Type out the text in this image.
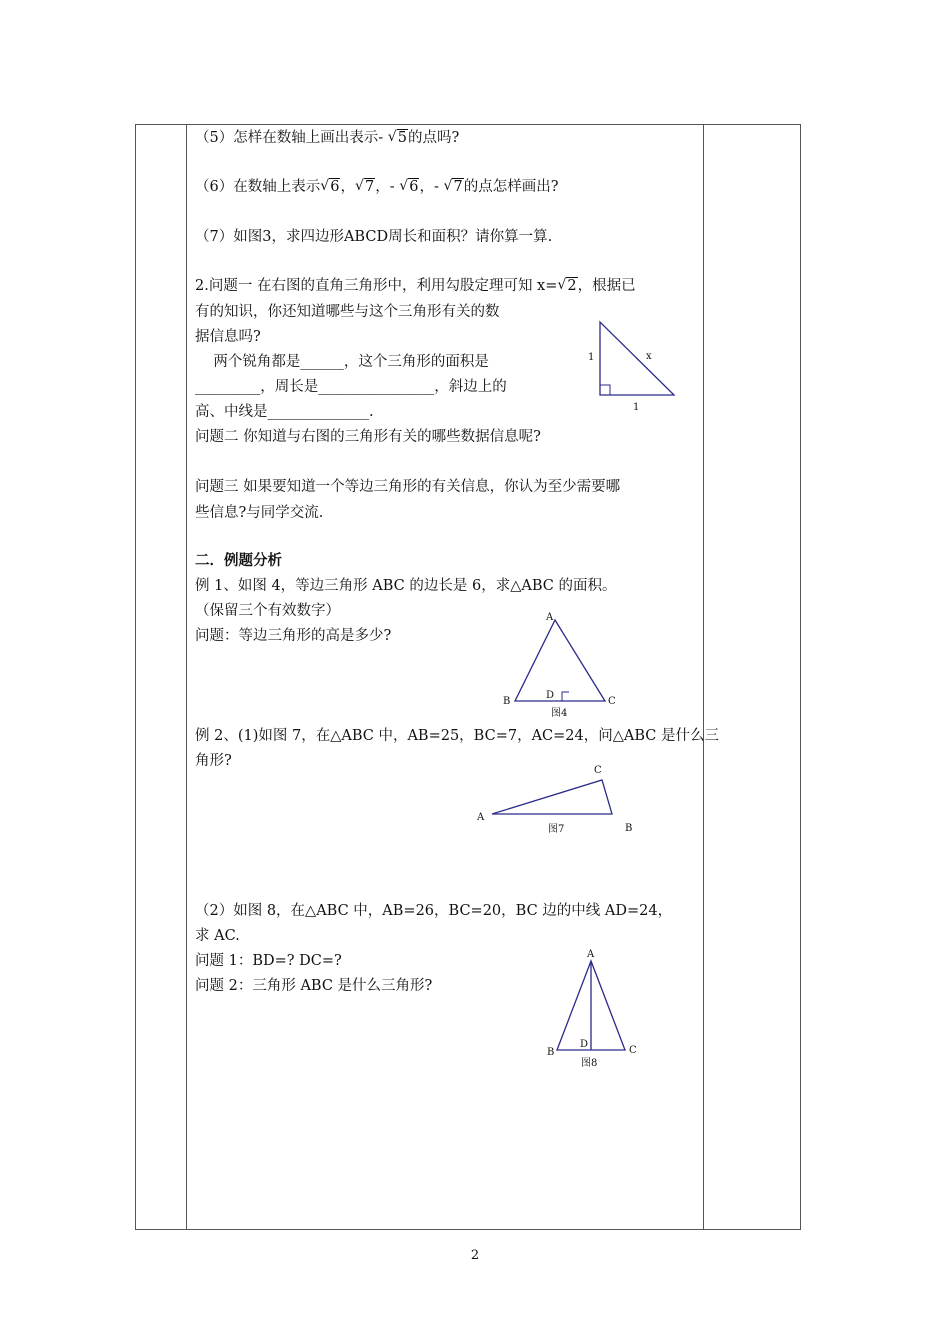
（5）怎样在数轴上画出表示- √ 5的点吗?
（6）在数轴上表示 √ 6， √ 7，- √ 6，- √ 7的点怎样画出?
（7）如图3，求四边形ABCD周长和面积？请你算一算.
2.问题一 在右图的直角三角形中，利用勾股定理可知 x= √ 2，根据已
有的知识，你还知道哪些与这个三角形有关的数
据信息吗?
两个锐角都是______，这个三角形的面积是
_________，周长是________________，斜边上的
高、中线是______________.
1	x
1
问题二 你知道与右图的三角形有关的哪些数据信息呢?
问题三 如果要知道一个等边三角形的有关信息，你认为至少需要哪
些信息?与同学交流.
二．例题分析
例 1、如图 4，等边三角形 ABC 的边长是 6，求△ABC 的面积。
（保留三个有效数字）
问题：等边三角形的高是多少?
A
B	C
D
图4
例 2、(1)如图 7，在△ABC 中，AB=25，BC=7，AC=24，问△ABC 是什么三
角形?
A
C
B
图7
（2）如图 8，在△ABC 中，AB=26，BC=20，BC 边的中线 AD=24，
求 AC.
问题 1：BD=? DC=?
问题 2：三角形 ABC 是什么三角形?
A
B	C
D
图8
2
